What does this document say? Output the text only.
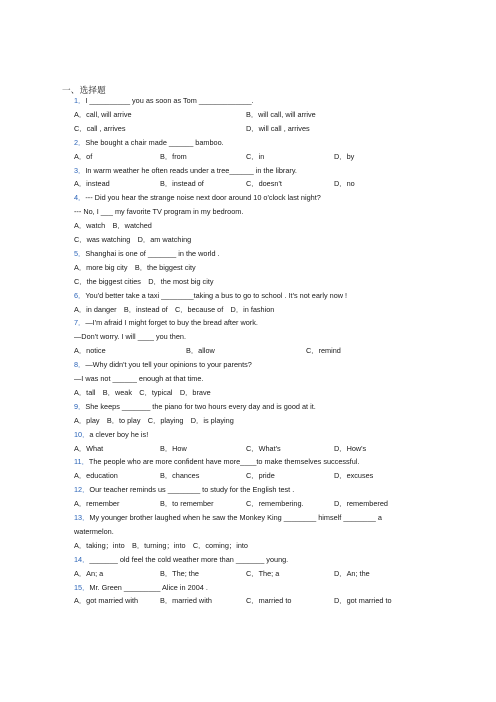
一、选择题
1．I __________ you as soon as Tom _____________.
A．call, will arrive	B．will call, will arrive
C．call , arrives	D．will call , arrives
2．She bought a chair made ______ bamboo.
A．of	B．from	C．in	D．by
3．In warm weather he often reads under a tree______ in the library.
A．instead	B．instead of	C．doesn't	D．no
4．--- Did you hear the strange noise next door around 10 o'clock last night?
--- No, I ___ my favorite TV program in my bedroom.
A．watch　B．watched
C．was watching　D．am watching
5．Shanghai is one of _______ in the world .
A．more big city　B．the biggest city
C．the biggest cities　D．the most big city
6．You'd better take a taxi ________taking a bus to go to school . It's not early now !
A．in danger　B．instead of　C．because of　D．in fashion
7．—I'm afraid I might forget to buy the bread after work.
—Don't worry. I will ____ you then.
A．notice	B．allow	C．remind
8．—Why didn't you tell your opinions to your parents?
—I was not ______ enough at that time.
A．tall　B．weak　C．typical　D．brave
9．She keeps _______ the piano for two hours every day and is good at it.
A．play　B．to play　C．playing　D．is playing
10．a clever boy he is!
A．What	B．How	C．What's	D．How's
11．The people who are more confident have more____to make themselves successful.
A．education	B．chances	C．pride	D．excuses
12．Our teacher reminds us ________ to study for the English test .
A．remember	B．to remember	C．remembering.	D．remembered
13．My younger brother laughed when he saw the Monkey King ________ himself ________ a
watermelon.
A．taking；into　B．turning；into　C．coming；into
14．_______ old feel the cold weather more than _______ young.
A．An; a	B．The; the	C．The; a	D．An; the
15．Mr. Green _________ Alice in 2004 .
A．got married with	B．married with	C．married to	D．got married to
